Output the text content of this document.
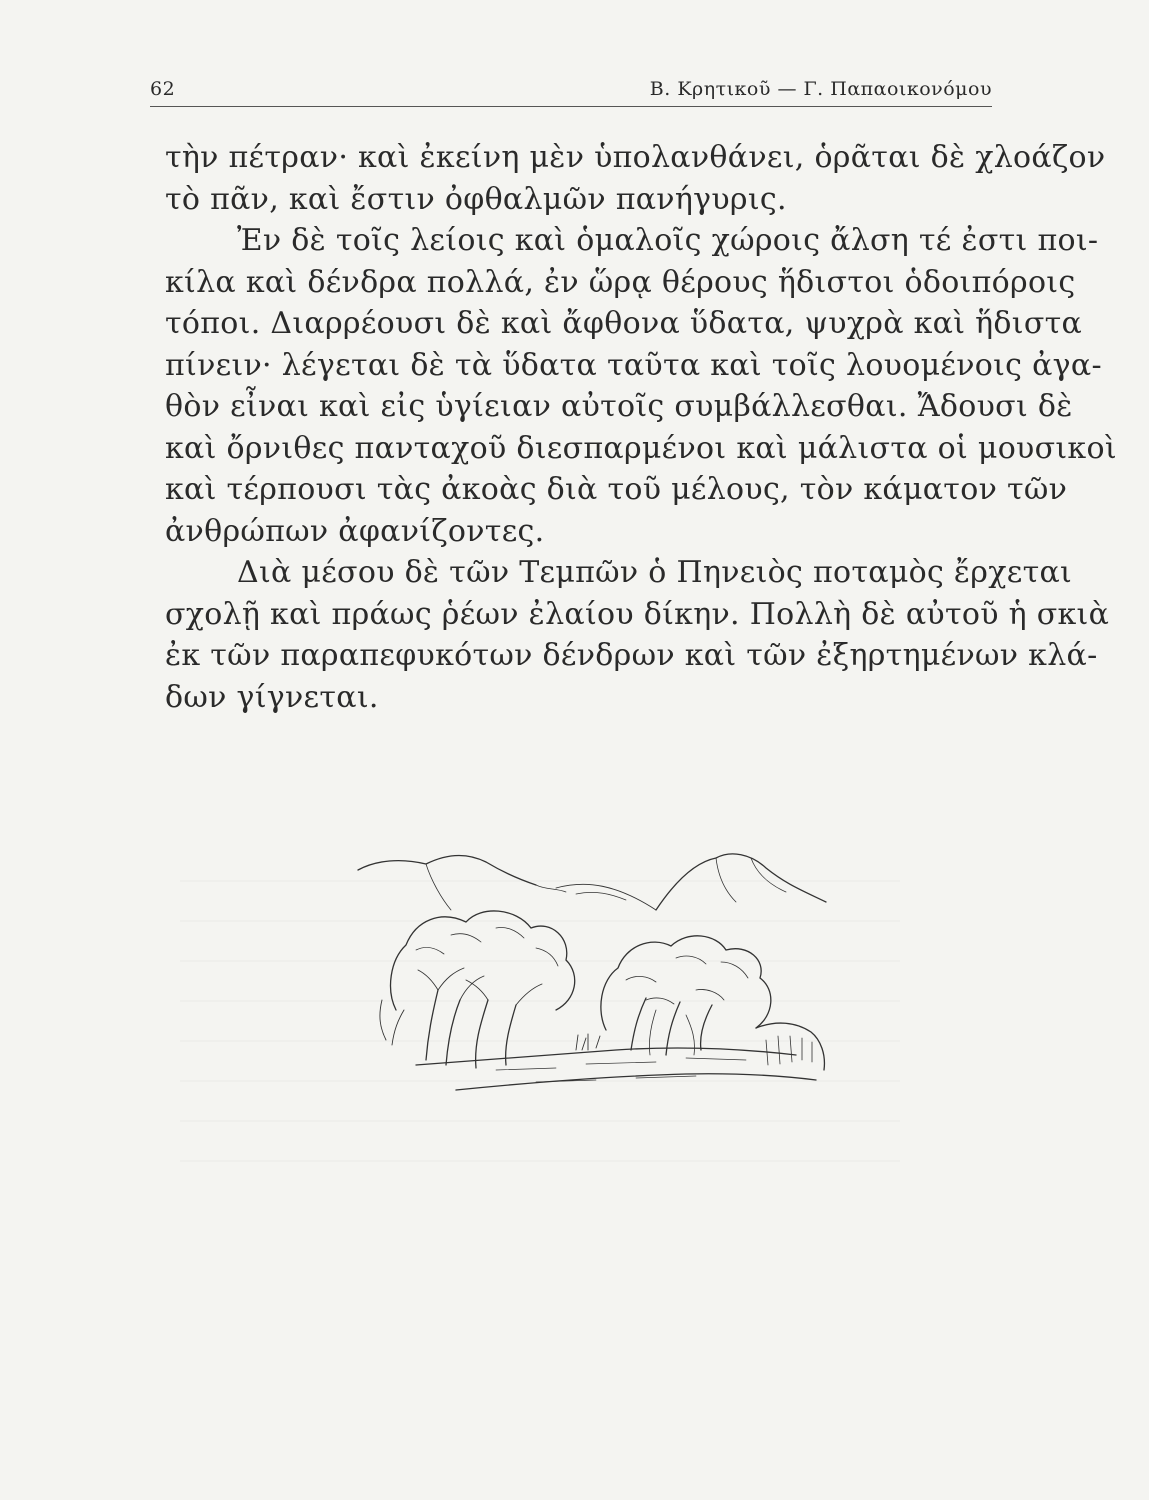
62	Β. Κρητικοῦ — Γ. Παπαοικονόμου

τὴν πέτραν· καὶ ἐκείνη μὲν ὑπολανθάνει, ὁρᾶται δὲ χλοάζον
τὸ πᾶν, καὶ ἔστιν ὀφθαλμῶν πανήγυρις.

Ἐν δὲ τοῖς λείοις καὶ ὁμαλοῖς χώροις ἄλση τέ ἐστι ποι-
κίλα καὶ δένδρα πολλά, ἐν ὥρᾳ θέρους ἥδιστοι ὁδοιπόροις
τόποι. Διαρρέουσι δὲ καὶ ἄφθονα ὕδατα, ψυχρὰ καὶ ἥδιστα
πίνειν· λέγεται δὲ τὰ ὕδατα ταῦτα καὶ τοῖς λουομένοις ἀγα-
θὸν εἶναι καὶ εἰς ὑγίειαν αὐτοῖς συμβάλλεσθαι. Ἄδουσι δὲ
καὶ ὄρνιθες πανταχοῦ διεσπαρμένοι καὶ μάλιστα οἱ μουσικοὶ
καὶ τέρπουσι τὰς ἀκοὰς διὰ τοῦ μέλους, τὸν κάματον τῶν
ἀνθρώπων ἀφανίζοντες.

Διὰ μέσου δὲ τῶν Τεμπῶν ὁ Πηνειὸς ποταμὸς ἔρχεται
σχολῇ καὶ πράως ῥέων ἐλαίου δίκην. Πολλὴ δὲ αὐτοῦ ἡ σκιὰ
ἐκ τῶν παραπεφυκότων δένδρων καὶ τῶν ἐξηρτημένων κλά-
δων γίγνεται.
